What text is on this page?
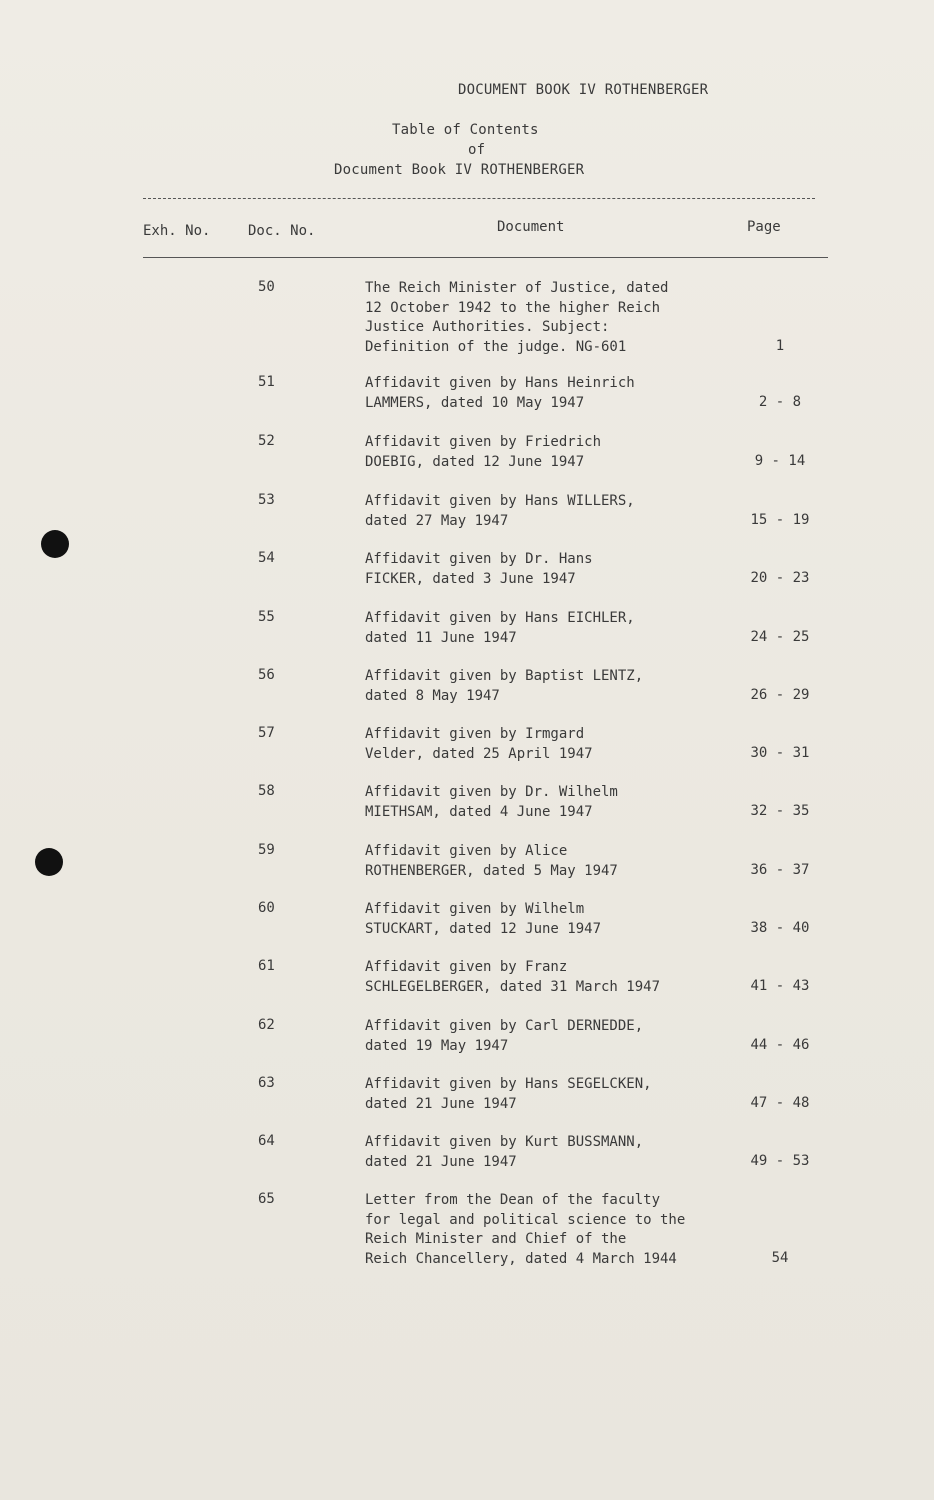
DOCUMENT BOOK IV ROTHENBERGER
Table of Contents
of
Document Book IV ROTHENBERGER
Exh. No.	Doc. No.	Document	Page
50	The Reich Minister of Justice, dated
12 October 1942 to the higher Reich
Justice Authorities. Subject:
Definition of the judge. NG-601	1
51	Affidavit given by Hans Heinrich
LAMMERS, dated 10 May 1947	2 - 8
52	Affidavit given by Friedrich
DOEBIG, dated 12 June 1947	9 - 14
53	Affidavit given by Hans WILLERS,
dated 27 May 1947	15 - 19
54	Affidavit given by Dr. Hans
FICKER, dated 3 June 1947	20 - 23
55	Affidavit given by Hans EICHLER,
dated 11 June 1947	24 - 25
56	Affidavit given by Baptist LENTZ,
dated 8 May 1947	26 - 29
57	Affidavit given by Irmgard
Velder, dated 25 April 1947	30 - 31
58	Affidavit given by Dr. Wilhelm
MIETHSAM, dated 4 June 1947	32 - 35
59	Affidavit given by Alice
ROTHENBERGER, dated 5 May 1947	36 - 37
60	Affidavit given by Wilhelm
STUCKART, dated 12 June 1947	38 - 40
61	Affidavit given by Franz
SCHLEGELBERGER, dated 31 March 1947	41 - 43
62	Affidavit given by Carl DERNEDDE,
dated 19 May 1947	44 - 46
63	Affidavit given by Hans SEGELCKEN,
dated 21 June 1947	47 - 48
64	Affidavit given by Kurt BUSSMANN,
dated 21 June 1947	49 - 53
65	Letter from the Dean of the faculty
for legal and political science to the
Reich Minister and Chief of the
Reich Chancellery, dated 4 March 1944	54
